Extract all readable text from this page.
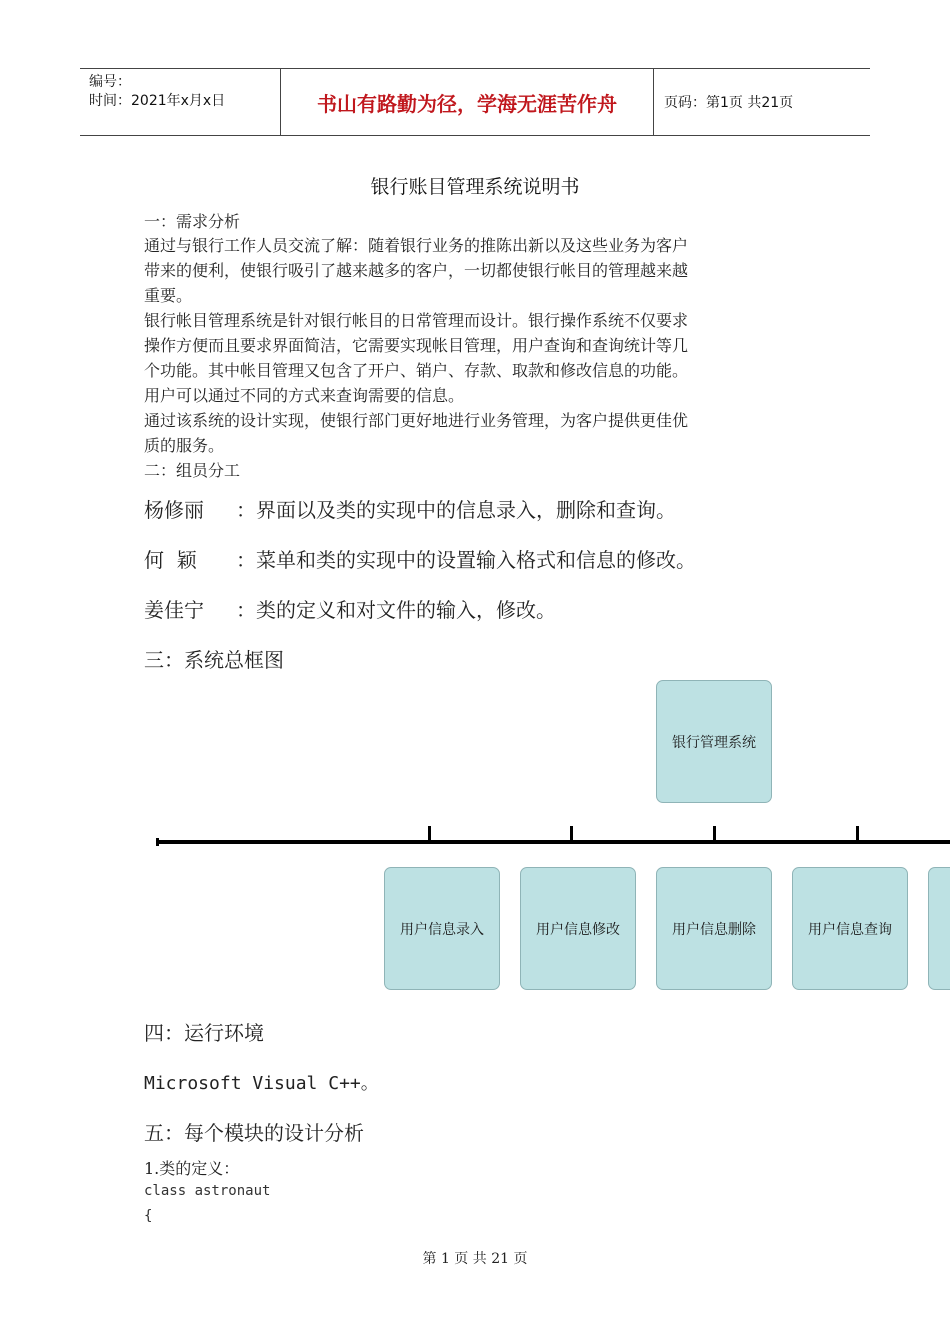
编号：
时间：2021年x月x日	书山有路勤为径，学海无涯苦作舟	页码：第1页 共21页
银行账目管理系统说明书
一：需求分析
通过与银行工作人员交流了解：随着银行业务的推陈出新以及这些业务为客户
带来的便利，使银行吸引了越来越多的客户，一切都使银行帐目的管理越来越
重要。
银行帐目管理系统是针对银行帐目的日常管理而设计。银行操作系统不仅要求
操作方便而且要求界面简洁，它需要实现帐目管理，用户查询和查询统计等几
个功能。其中帐目管理又包含了开户、销户、存款、取款和修改信息的功能。
用户可以通过不同的方式来查询需要的信息。
通过该系统的设计实现，使银行部门更好地进行业务管理，为客户提供更佳优
质的服务。
二：组员分工
杨修丽 ：界面以及类的实现中的信息录入，删除和查询。
何  颖 ：菜单和类的实现中的设置输入格式和信息的修改。
姜佳宁 ：类的定义和对文件的输入，修改。
三：系统总框图
银行管理系统
用户信息录入	用户信息修改	用户信息删除	用户信息查询
四：运行环境
Microsoft Visual C++。
五：每个模块的设计分析
1.类的定义：
class astronaut
{
第 1 页 共 21 页
